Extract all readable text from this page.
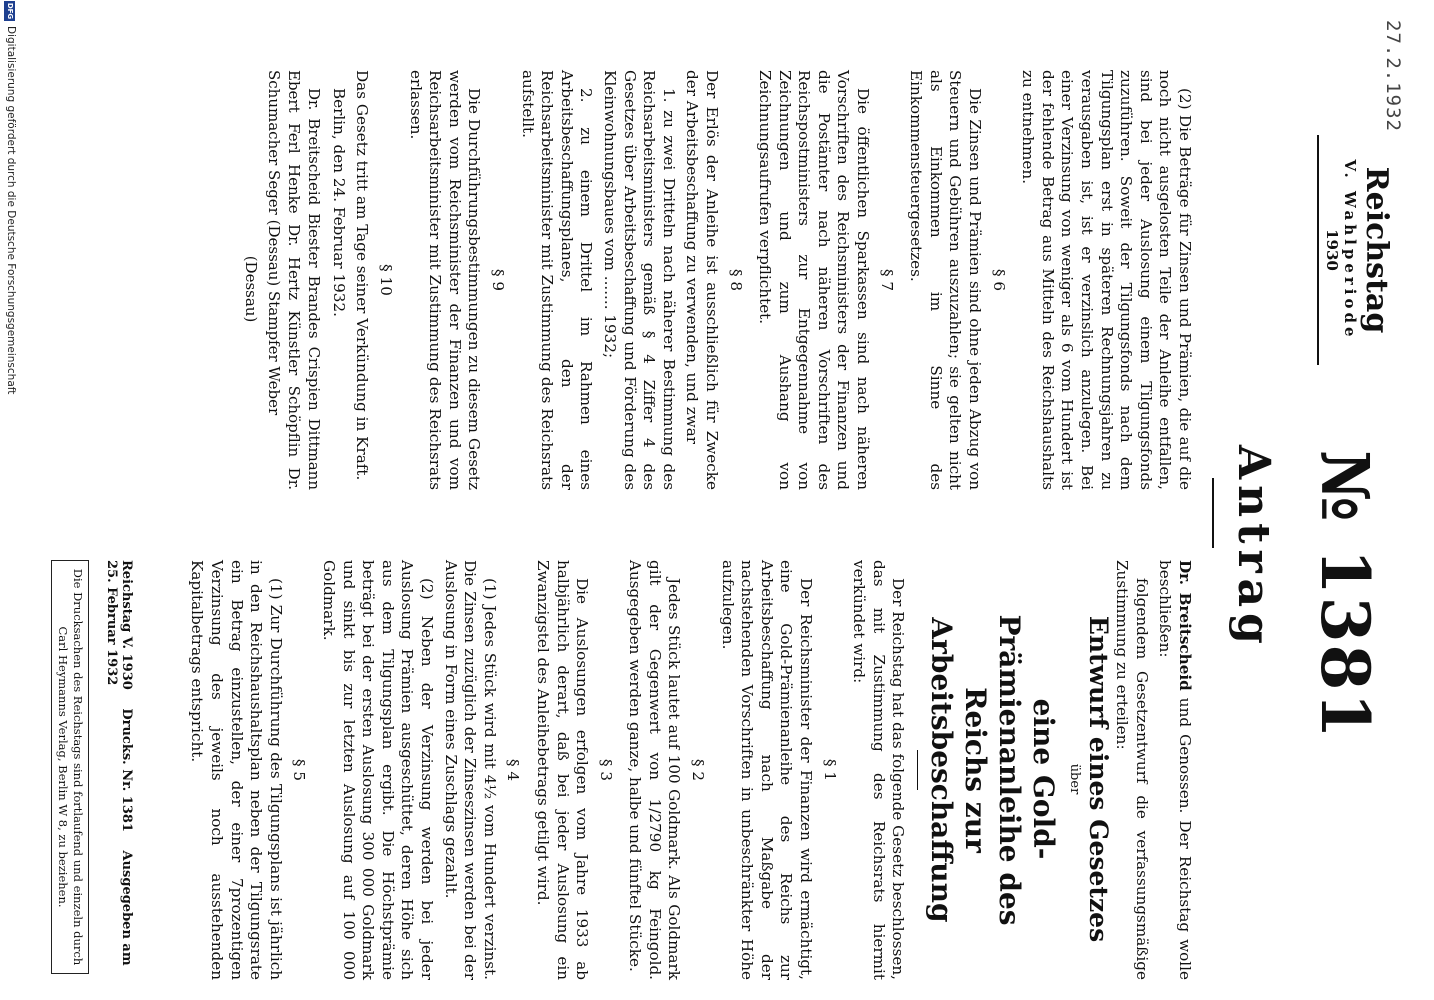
27.2.1932
Reichstag
V. Wahlperiode
1930
№ 1381
Antrag

Dr. Breitscheid und Genossen. Der Reichstag wolle beschließen:

folgendem Gesetzentwurf die verfassungsmäßige Zustimmung zu erteilen:

Entwurf eines Gesetzes

über

eine Gold-Prämienanleihe des Reichs zur Arbeitsbeschaffung

Der Reichstag hat das folgende Gesetz beschlossen, das mit Zustimmung des Reichsrats hiermit verkündet wird:

§ 1

Der Reichsminister der Finanzen wird ermächtigt, eine Gold-Prämienanleihe des Reichs zur Arbeitsbeschaffung nach Maßgabe der nachstehenden Vorschriften in unbeschränkter Höhe aufzulegen.

§ 2

Jedes Stück lautet auf 100 Goldmark. Als Goldmark gilt der Gegenwert von 1/2790 kg Feingold. Ausgegeben werden ganze, halbe und fünftel Stücke.

§ 3

Die Auslosungen erfolgen vom Jahre 1933 ab halbjährlich derart, daß bei jeder Auslosung ein Zwanzigstel des Anleihebetrags getilgt wird.

§ 4

(1) Jedes Stück wird mit 4½ vom Hundert verzinst. Die Zinsen zuzüglich der Zinseszinsen werden bei der Auslosung in Form eines Zuschlags gezahlt.

(2) Neben der Verzinsung werden bei jeder Auslosung Prämien ausgeschüttet, deren Höhe sich aus dem Tilgungsplan ergibt. Die Höchstprämie beträgt bei der ersten Auslosung 300 000 Goldmark und sinkt bis zur letzten Auslosung auf 100 000 Goldmark.

§ 5

(1) Zur Durchführung des Tilgungsplans ist jährlich in den Reichshaushaltsplan neben der Tilgungsrate ein Betrag einzustellen, der einer 7prozentigen Verzinsung des jeweils noch ausstehenden Kapitalbetrags entspricht.

(2) Die Beträge für Zinsen und Prämien, die auf die noch nicht ausgelosten Teile der Anleihe entfallen, sind bei jeder Auslosung einem Tilgungsfonds zuzuführen. Soweit der Tilgungsfonds nach dem Tilgungsplan erst in späteren Rechnungsjahren zu verausgaben ist, ist er verzinslich anzulegen. Bei einer Verzinsung von weniger als 6 vom Hundert ist der fehlende Betrag aus Mitteln des Reichshaushalts zu entnehmen.

§ 6

Die Zinsen und Prämien sind ohne jeden Abzug von Steuern und Gebühren auszuzahlen; sie gelten nicht als Einkommen im Sinne des Einkommensteuergesetzes.

§ 7

Die öffentlichen Sparkassen sind nach näheren Vorschriften des Reichsministers der Finanzen und die Postämter nach näheren Vorschriften des Reichspostministers zur Entgegennahme von Zeichnungen und zum Aushang von Zeichnungsaufrufen verpflichtet.

§ 8

Der Erlös der Anleihe ist ausschließlich für Zwecke der Arbeitsbeschaffung zu verwenden, und zwar

1. zu zwei Dritteln nach näherer Bestimmung des Reichsarbeitsministers gemäß § 4 Ziffer 4 des Gesetzes über Arbeitsbeschaffung und Förderung des Kleinwohnungsbaues vom ....... 1932;

2. zu einem Drittel im Rahmen eines Arbeitsbeschaffungsplanes, den der Reichsarbeitsminister mit Zustimmung des Reichsrats aufstellt.

§ 9

Die Durchführungsbestimmungen zu diesem Gesetz werden vom Reichsminister der Finanzen und vom Reichsarbeitsminister mit Zustimmung des Reichsrats erlassen.

§ 10

Das Gesetz tritt am Tage seiner Verkündung in Kraft.

Berlin, den 24. Februar 1932.

Dr. Breitscheid Biester Brandes Crispien Dittmann Ebert Ferl Henke Dr. Hertz Künstler Schöpflin Dr. Schumacher Seger (Dessau) Stampfer Weber

(Dessau)

Reichstag V. 1930 Drucks. Nr. 1381 Ausgegeben am 25. Februar 1932
Die Drucksachen des Reichstags sind fortlaufend und einzeln durch Carl Heymanns Verlag, Berlin W 8, zu beziehen.
Digitalisierung gefördert durch die Deutsche Forschungsgemeinschaft
DFG
